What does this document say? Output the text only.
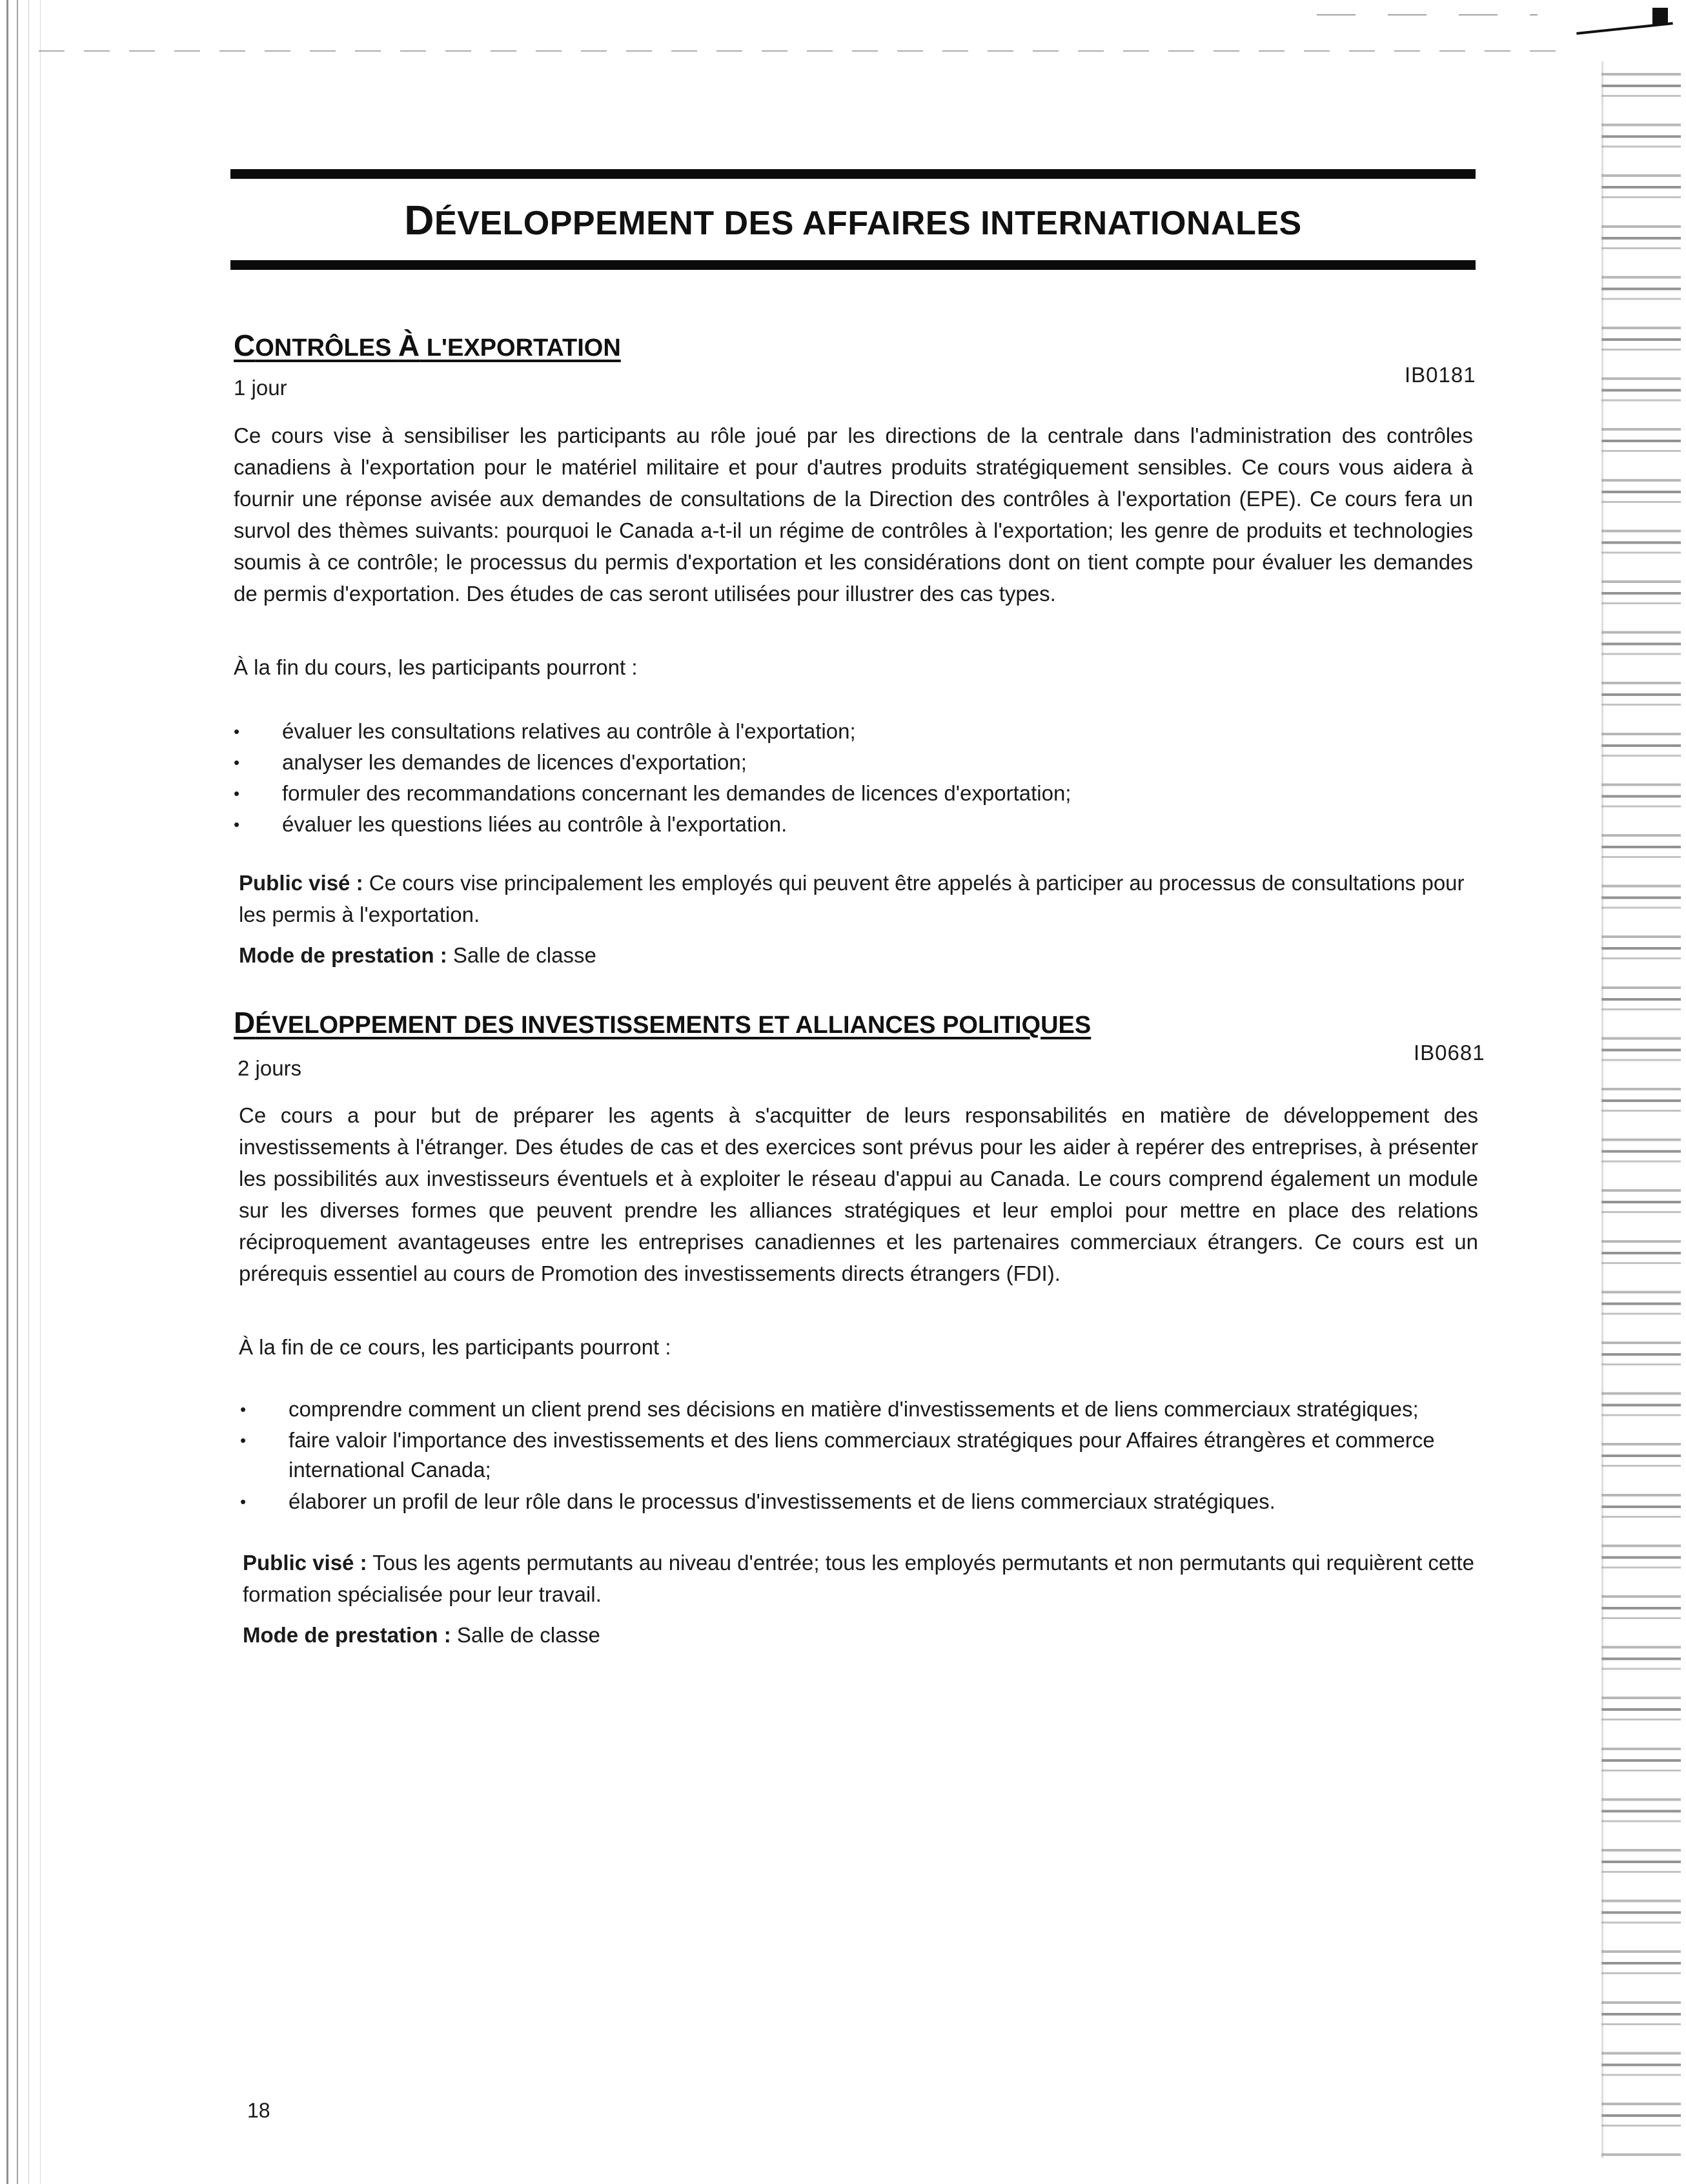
DÉVELOPPEMENT DES AFFAIRES INTERNATIONALES
CONTRÔLES À L'EXPORTATION
1 jour
IB0181

Ce cours vise à sensibiliser les participants au rôle joué par les directions de la centrale dans l'administration des contrôles canadiens à l'exportation pour le matériel militaire et pour d'autres produits stratégiquement sensibles. Ce cours vous aidera à fournir une réponse avisée aux demandes de consultations de la Direction des contrôles à l'exportation (EPE). Ce cours fera un survol des thèmes suivants: pourquoi le Canada a-t-il un régime de contrôles à l'exportation; les genre de produits et technologies soumis à ce contrôle; le processus du permis d'exportation et les considérations dont on tient compte pour évaluer les demandes de permis d'exportation. Des études de cas seront utilisées pour illustrer des cas types.

À la fin du cours, les participants pourront :
• évaluer les consultations relatives au contrôle à l'exportation;
• analyser les demandes de licences d'exportation;
• formuler des recommandations concernant les demandes de licences d'exportation;
• évaluer les questions liées au contrôle à l'exportation.
Public visé : Ce cours vise principalement les employés qui peuvent être appelés à participer au processus de consultations pour les permis à l'exportation.
Mode de prestation : Salle de classe
DÉVELOPPEMENT DES INVESTISSEMENTS ET ALLIANCES POLITIQUES
2 jours
IB0681

Ce cours a pour but de préparer les agents à s'acquitter de leurs responsabilités en matière de développement des investissements à l'étranger. Des études de cas et des exercices sont prévus pour les aider à repérer des entreprises, à présenter les possibilités aux investisseurs éventuels et à exploiter le réseau d'appui au Canada. Le cours comprend également un module sur les diverses formes que peuvent prendre les alliances stratégiques et leur emploi pour mettre en place des relations réciproquement avantageuses entre les entreprises canadiennes et les partenaires commerciaux étrangers. Ce cours est un prérequis essentiel au cours de Promotion des investissements directs étrangers (FDI).

À la fin de ce cours, les participants pourront :
• comprendre comment un client prend ses décisions en matière d'investissements et de liens commerciaux stratégiques;
• faire valoir l'importance des investissements et des liens commerciaux stratégiques pour Affaires étrangères et commerce international Canada;
• élaborer un profil de leur rôle dans le processus d'investissements et de liens commerciaux stratégiques.
Public visé : Tous les agents permutants au niveau d'entrée; tous les employés permutants et non permutants qui requièrent cette formation spécialisée pour leur travail.
Mode de prestation : Salle de classe
18
